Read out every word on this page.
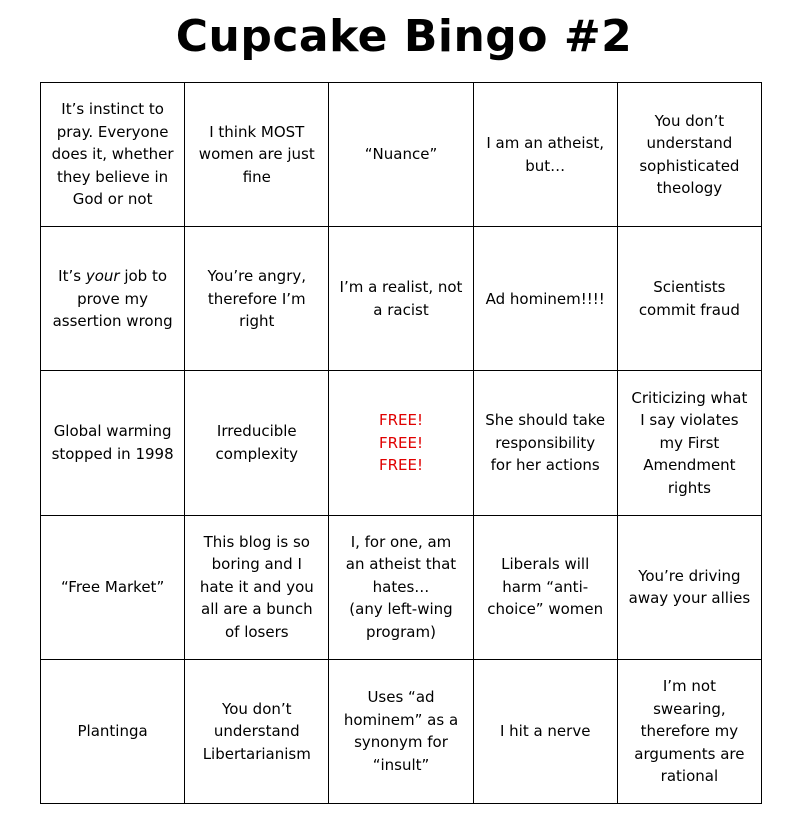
Cupcake Bingo #2
It’s instinct to pray. Everyone does it, whether they believe in God or not
I think MOST women are just fine
“Nuance”
I am an atheist, but…
You don’t understand sophisticated theology
It’s your job to prove my assertion wrong
You’re angry, therefore I’m right
I’m a realist, not a racist
Ad hominem!!!!
Scientists commit fraud
Global warming stopped in 1998
Irreducible complexity
FREE!
FREE!
FREE!
She should take responsibility for her actions
Criticizing what I say violates my First Amendment rights
“Free Market”
This blog is so boring and I hate it and you all are a bunch of losers
I, for one, am an atheist that hates…
(any left-wing program)
Liberals will harm “anti-choice” women
You’re driving away your allies
Plantinga
You don’t understand Libertarianism
Uses “ad hominem” as a synonym for “insult”
I hit a nerve
I’m not swearing, therefore my arguments are rational
